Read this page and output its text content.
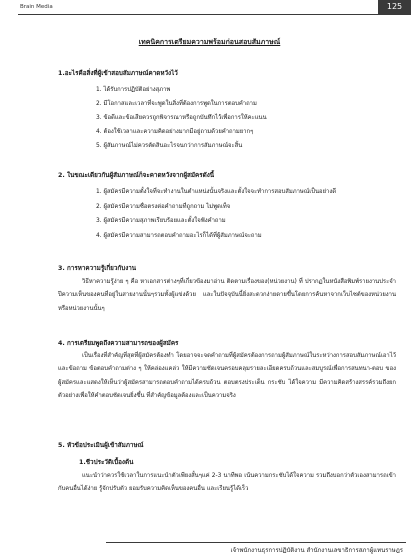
Brain Media	125
เทคนิคการเตรียมความพร้อมก่อนสอบสัมภาษณ์

1.อะไรคือสิ่งที่ผู้เข้าสอบสัมภาษณ์คาดหวังไว้

1. ได้รับการปฏิบัติอย่างสุภาพ

2. มีโอกาสและเวลาที่จะพูดในสิ่งที่ต้องการพูดในการตอบคำถาม

3. ข้อดีและข้อเสียควรถูกพิจารณาหรือถูกบันทึกไว้เพื่อการให้คะแนน

4. ต้องใช้เวลาและความคิดอย่างมากมีอยู่ถามด้วยคำถามยากๆ

5. ผู้สัมภาษณ์ไม่ควรตัดสินอะไรจนกว่าการสัมภาษณ์จะสิ้น

2. ในขณะเดียวกันผู้สัมภาษณ์ก็จะคาดหวังจากผู้สมัครดังนี้

1. ผู้สมัครมีความตั้งใจที่จะทำงานในตำแหน่งนั้นจริงและตั้งใจจะทำการสอบสัมภาษณ์เป็นอย่างดี

2. ผู้สมัครมีความซื่อตรงต่อคำถามที่ถูกถาม ไม่พูดเท็จ

3. ผู้สมัครมีความสุภาพเรียบร้อยและตั้งใจฟังคำถาม

4. ผู้สมัครมีความสามารถตอบคำถามอะไรก็ได้ที่ผู้สัมภาษณ์จะถาม

3. การหาความรู้เกี่ยวกับงาน

วิธีหาความรู้ง่าย ๆ คือ หาเอกสารต่างๆที่เกี่ยวข้องมาอ่าน ติดตามเรื่องของ(หน่วยงาน) ที่ ปรากฏในหนังสือพิมพ์รายงานประจำปีความเห็นของคนที่อยู่ในสายงานนั้นๆรวมทั้งผู้แข่งด้วย และในปัจจุบันนี้ยิ่งสะดวกง่ายดายขึ้นโดยการค้นหาจากเว็บไซต์ของหน่วยงาน หรือหน่วยงานนั้นๆ

4. การเตรียมพูดถึงความสามารถของผู้สมัคร

เป็นเรื่องที่สำคัญที่สุดที่ผู้สมัครต้องทำ โดยอาจจะจดคำถามที่ผู้สมัครต้องการถามผู้สัมภาษณ์ในระหว่างการสอบสัมภาษณ์เอาไว้และข้อถาม ข้อตอบคำถามต่าง ๆ ให้คล่องแคล่ว ให้มีความชัดเจนครอบคลุมรายละเอียดครบถ้วนและสมบูรณ์เพื่อการสนทนา-ตอบ ของผู้สมัครและแสดงให้เห็นว่าผู้สมัครสามารถตอบคำถามได้ครบถ้วน ตอบตรงประเด็น กระชับ ได้ใจความ มีความคิดสร้างสรรค์รวมถึงยกตัวอย่างเพื่อให้คำตอบชัดเจนยิ่งขึ้น ที่สำคัญข้อมูลต้องและเป็นความจริง

5. หัวข้อประเมินผู้เข้าสัมภาษณ์

1.ชีวประวัติเบื้องต้น

แนะนำว่าควรใช้เวลาในการแนะนำตัวเพียงสั้นๆแค่ 2-3 นาทีพอ เน้นความกระชับได้ใจความ รวมถึงบอกว่าตัวเองสามารถเข้ากับคนอื่นได้ง่าย รู้จักปรับตัว ยอมรับความคิดเห็นของคนอื่น และเรียนรู้ได้เร็ว

เจ้าพนักงานธุรการปฏิบัติงาน สำนักงานเลขาธิการสภาผู้แทนราษฎร
